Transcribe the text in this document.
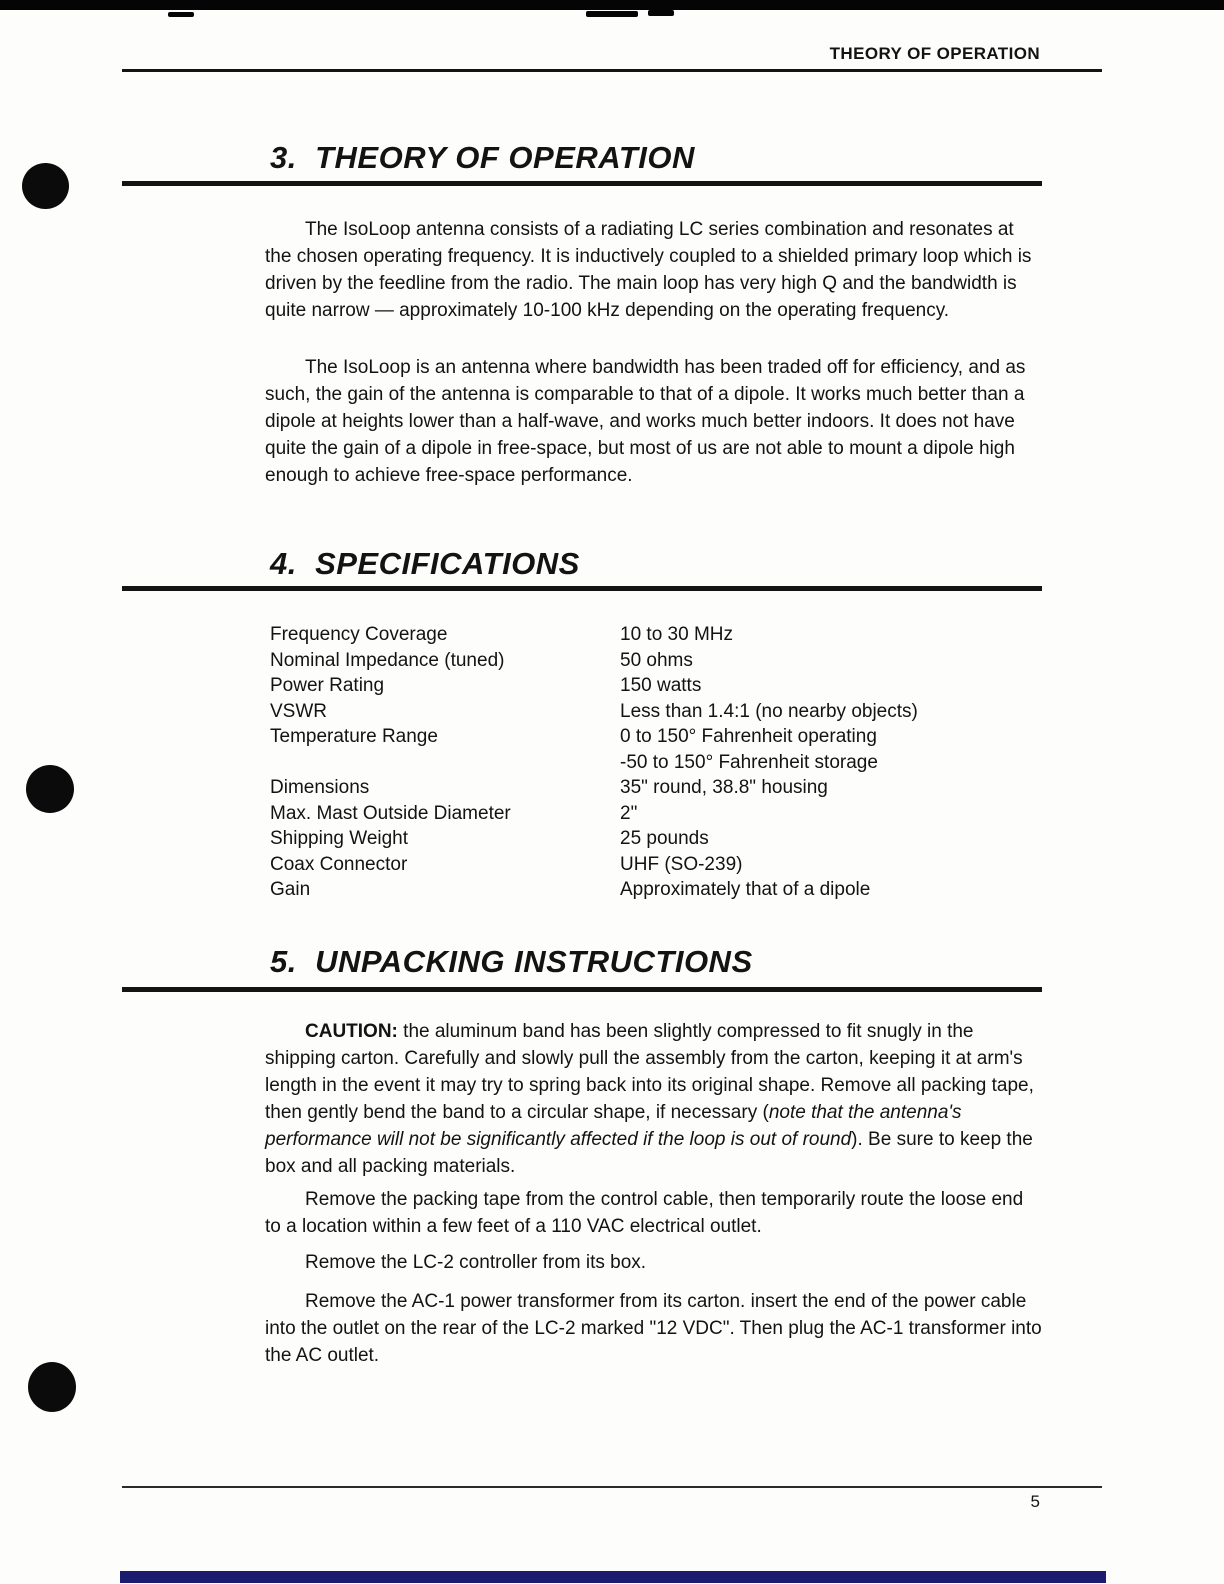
THEORY OF OPERATION
3.  THEORY OF OPERATION
The IsoLoop antenna consists of a radiating LC series combination and resonates at the chosen operating frequency. It is inductively coupled to a shielded primary loop which is driven by the feedline from the radio. The main loop has very high Q and the bandwidth is quite narrow — approximately 10-100 kHz depending on the operating frequency.
The IsoLoop is an antenna where bandwidth has been traded off for efficiency, and as such, the gain of the antenna is comparable to that of a dipole. It works much better than a dipole at heights lower than a half-wave, and works much better indoors. It does not have quite the gain of a dipole in free-space, but most of us are not able to mount a dipole high enough to achieve free-space performance.
4.  SPECIFICATIONS
Frequency Coverage	10 to 30 MHz
Nominal Impedance (tuned)	50 ohms
Power Rating	150 watts
VSWR	Less than 1.4:1 (no nearby objects)
Temperature Range	0 to 150° Fahrenheit operating
-50 to 150° Fahrenheit storage
Dimensions	35" round, 38.8" housing
Max. Mast Outside Diameter	2"
Shipping Weight	25 pounds
Coax Connector	UHF (SO-239)
Gain	Approximately that of a dipole
5.  UNPACKING INSTRUCTIONS
CAUTION: the aluminum band has been slightly compressed to fit snugly in the shipping carton. Carefully and slowly pull the assembly from the carton, keeping it at arm's length in the event it may try to spring back into its original shape. Remove all packing tape, then gently bend the band to a circular shape, if necessary (note that the antenna's performance will not be significantly affected if the loop is out of round). Be sure to keep the box and all packing materials.
Remove the packing tape from the control cable, then temporarily route the loose end to a location within a few feet of a 110 VAC electrical outlet.
Remove the LC-2 controller from its box.
Remove the AC-1 power transformer from its carton. insert the end of the power cable into the outlet on the rear of the LC-2 marked "12 VDC". Then plug the AC-1 transformer into the AC outlet.
5
